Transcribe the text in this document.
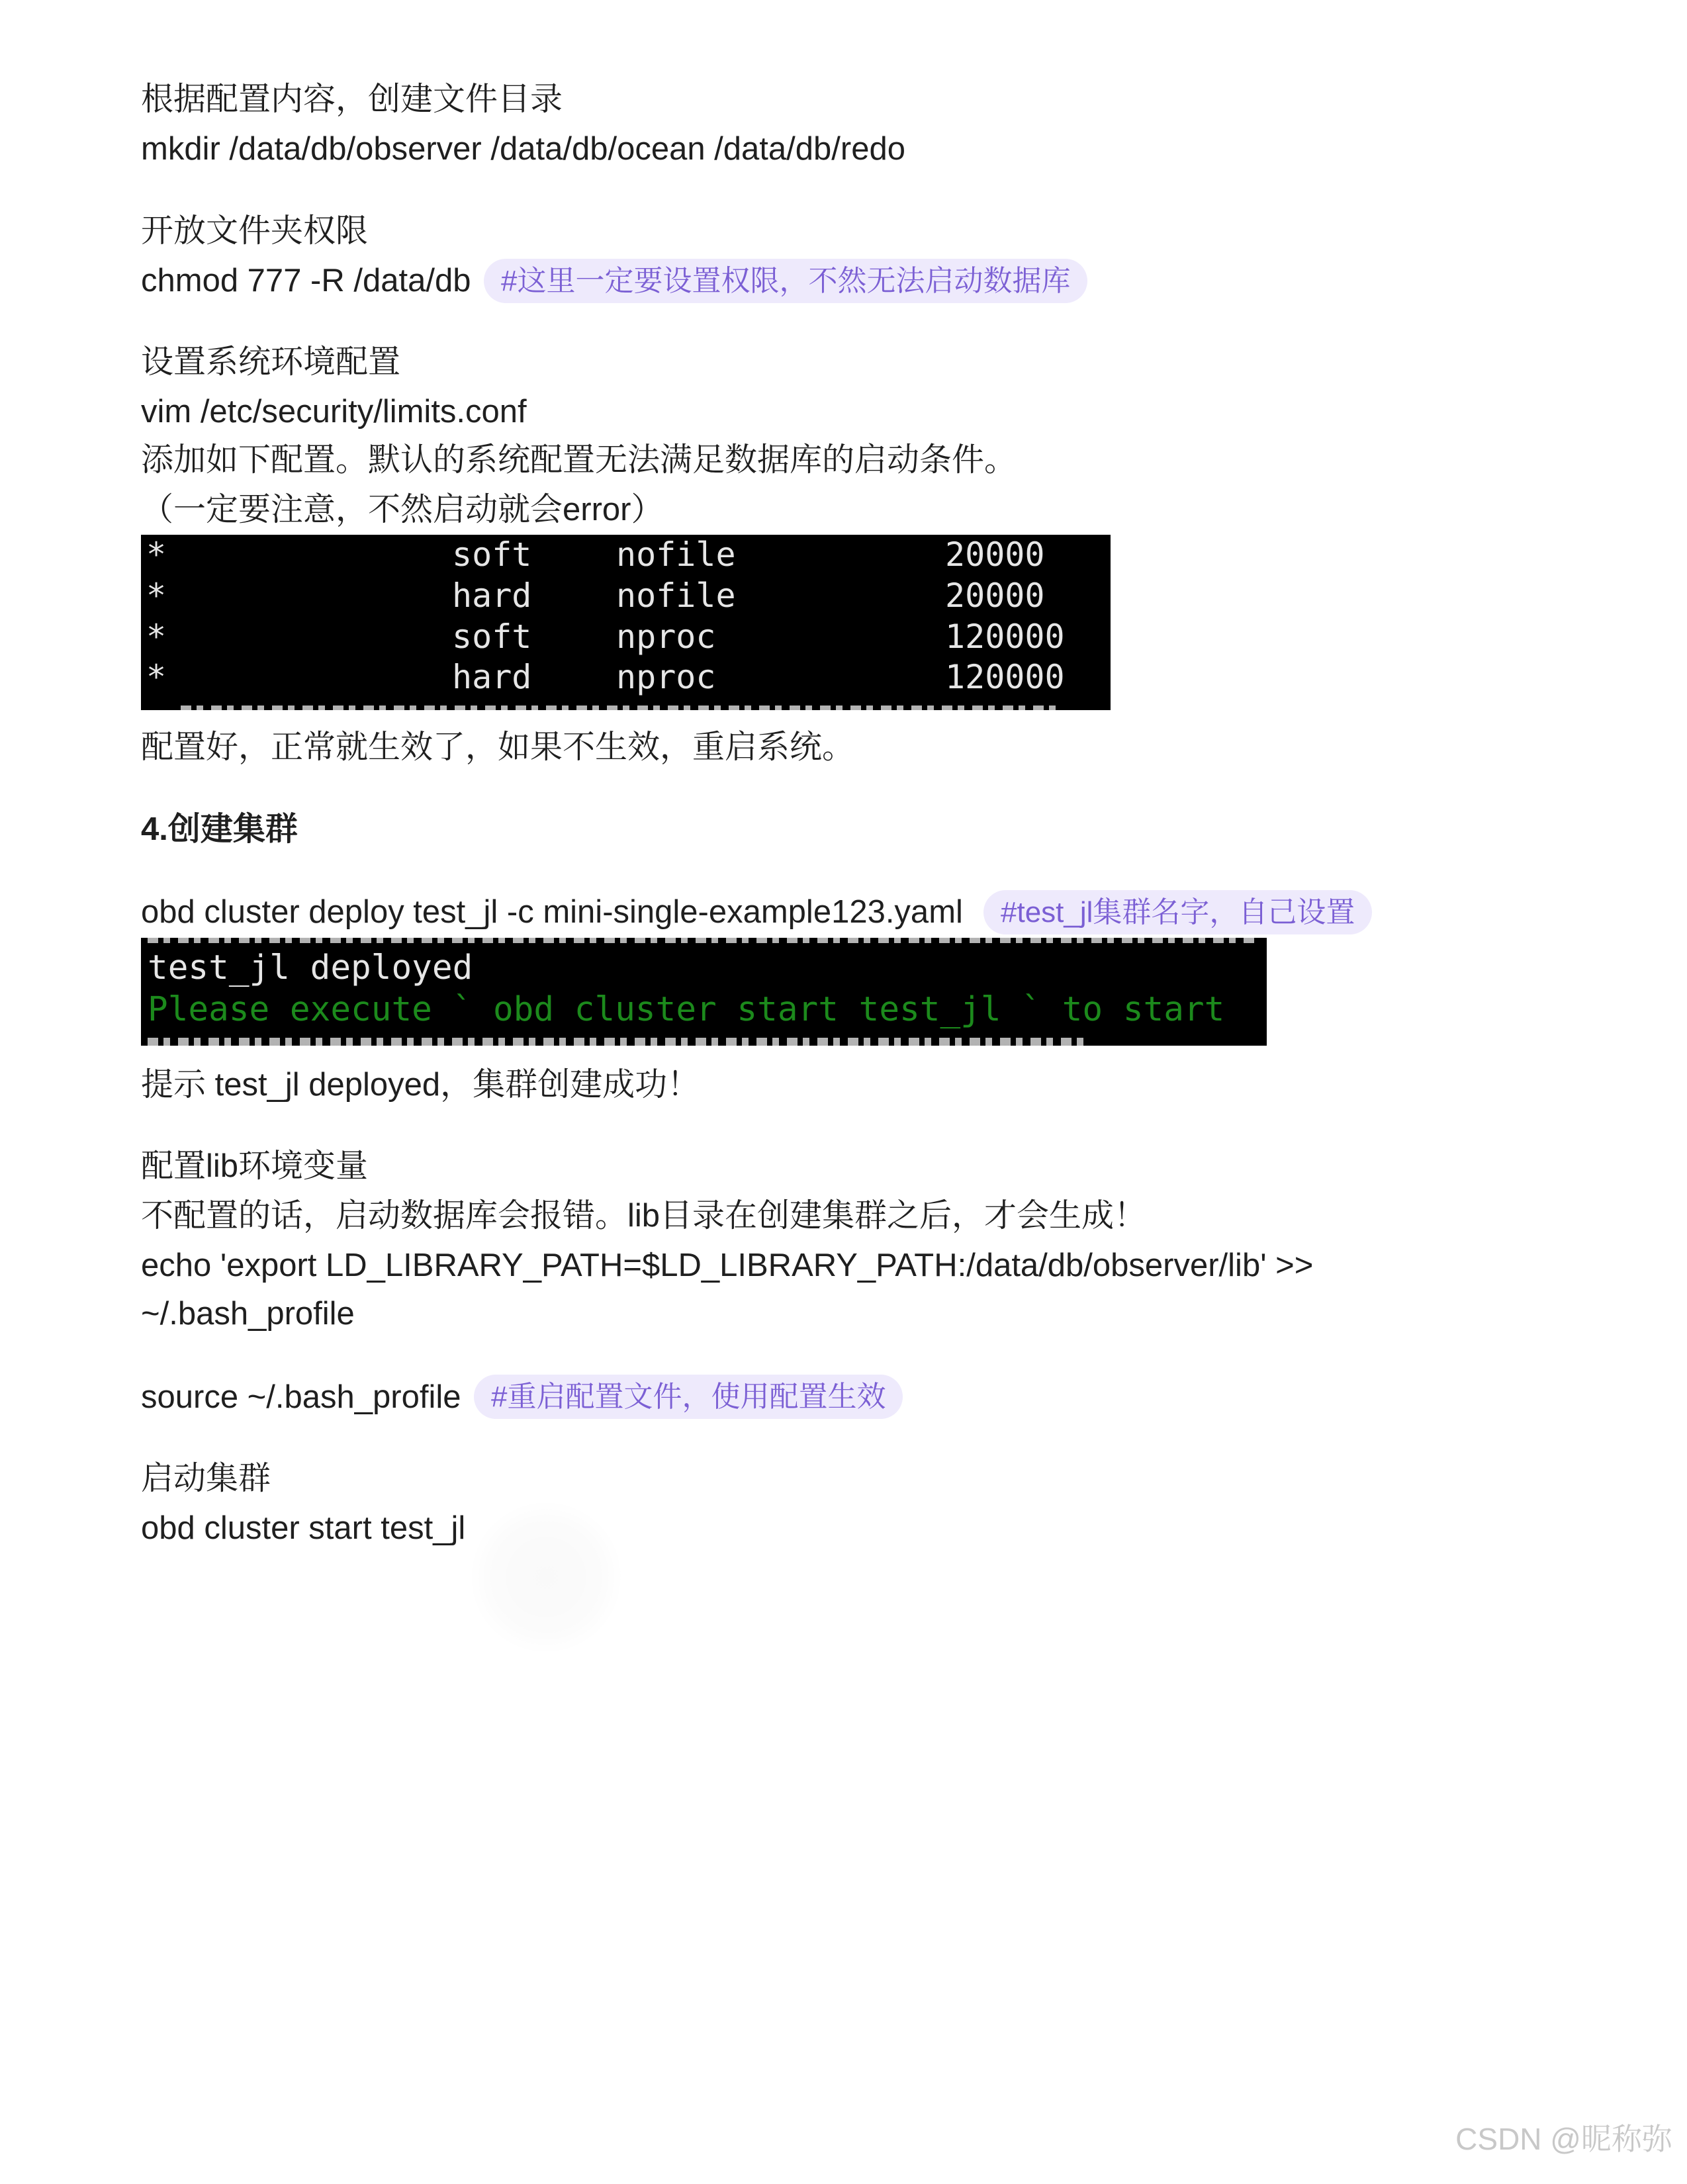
根据配置内容，创建文件目录
mkdir /data/db/observer /data/db/ocean /data/db/redo
开放文件夹权限
chmod 777 -R /data/db	#这里一定要设置权限，不然无法启动数据库
设置系统环境配置
vim /etc/security/limits.conf
添加如下配置。默认的系统配置无法满足数据库的启动条件。
（一定要注意，不然启动就会error）
*	soft	nofile	20000
*	hard	nofile	20000
*	soft	nproc	120000
*	hard	nproc	120000
配置好，正常就生效了，如果不生效，重启系统。
4.创建集群
obd cluster deploy test_jl -c mini-single-example123.yaml	#test_jl集群名字，自己设置
test_jl deployed
Please execute ` obd cluster start test_jl ` to start
提示 test_jl deployed，集群创建成功！
配置lib环境变量
不配置的话，启动数据库会报错。lib目录在创建集群之后，才会生成！
echo 'export LD_LIBRARY_PATH=$LD_LIBRARY_PATH:/data/db/observer/lib' >>
~/.bash_profile
source ~/.bash_profile	#重启配置文件，使用配置生效
启动集群
obd cluster start test_jl
CSDN @昵称弥
